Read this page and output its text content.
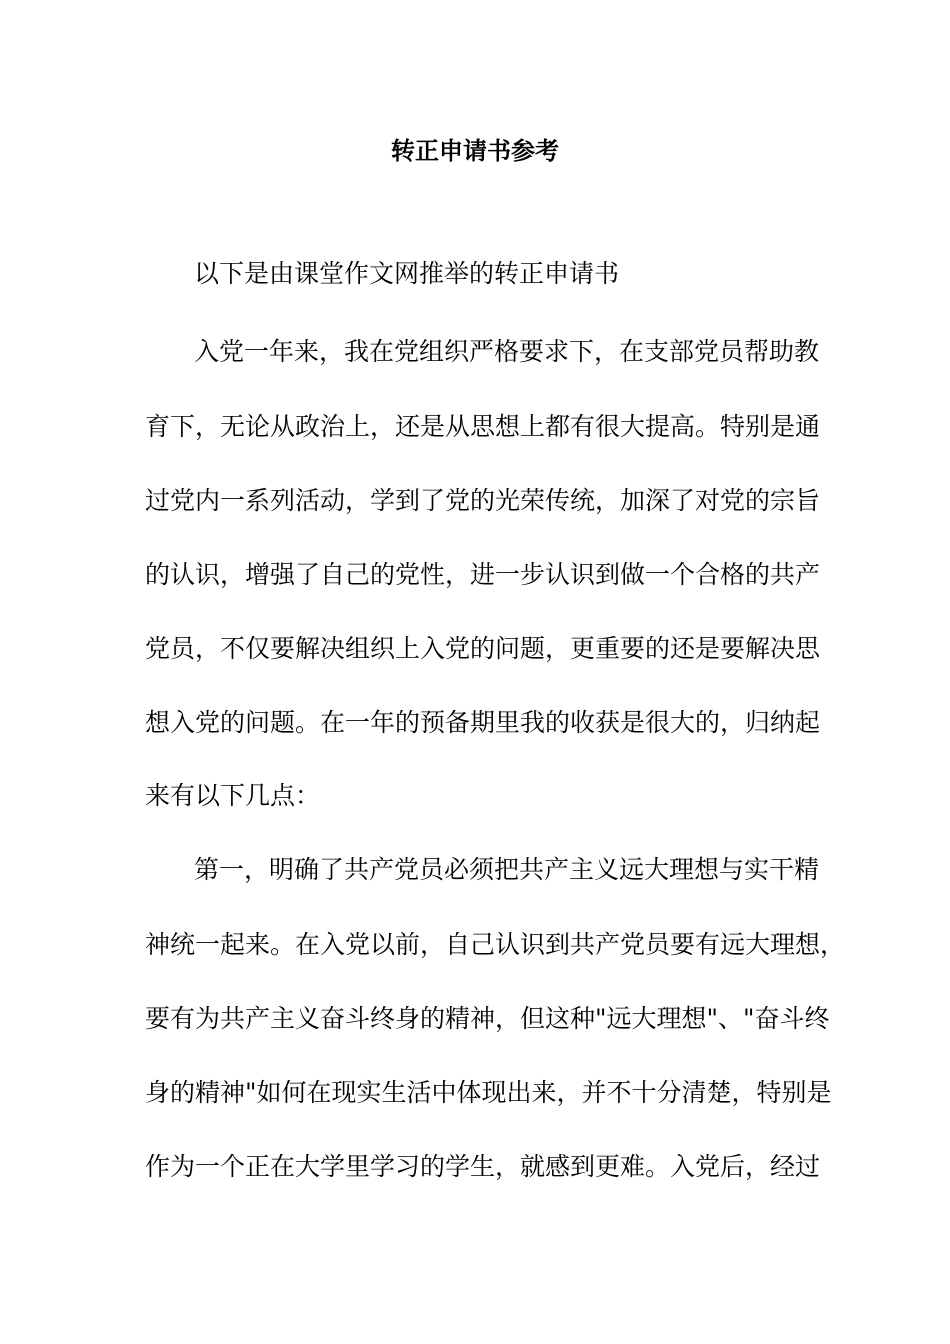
转正申请书参考

以下是由课堂作文网推举的转正申请书

入党一年来，我在党组织严格要求下，在支部党员帮助教

育下，无论从政治上，还是从思想上都有很大提高。特别是通

过党内一系列活动，学到了党的光荣传统，加深了对党的宗旨

的认识，增强了自己的党性，进一步认识到做一个合格的共产

党员，不仅要解决组织上入党的问题，更重要的还是要解决思

想入党的问题。在一年的预备期里我的收获是很大的，归纳起

来有以下几点：

第一，明确了共产党员必须把共产主义远大理想与实干精

神统一起来。在入党以前，自己认识到共产党员要有远大理想，

要有为共产主义奋斗终身的精神，但这种"远大理想"、"奋斗终

身的精神"如何在现实生活中体现出来，并不十分清楚，特别是

作为一个正在大学里学习的学生，就感到更难。入党后，经过
